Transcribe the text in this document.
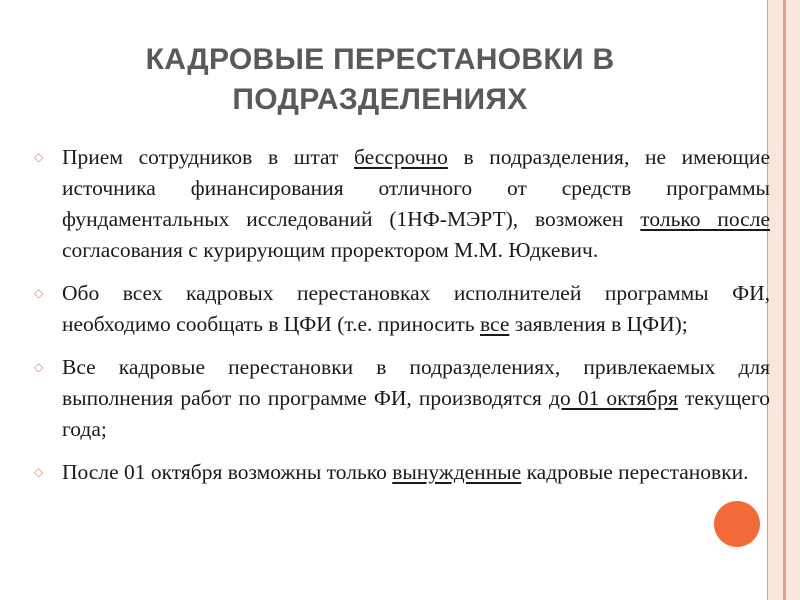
КАДРОВЫЕ ПЕРЕСТАНОВКИ В
ПОДРАЗДЕЛЕНИЯХ
◇ Прием сотрудников в штат бессрочно в подразделения, не имеющие источника финансирования отличного от средств программы фундаментальных исследований (1НФ-МЭРТ), возможен только после согласования с курирующим проректором М.М. Юдкевич.
◇ Обо всех кадровых перестановках исполнителей программы ФИ, необходимо сообщать в ЦФИ (т.е. приносить все заявления в ЦФИ);
◇ Все кадровые перестановки в подразделениях, привлекаемых для выполнения работ по программе ФИ, производятся до 01 октября текущего года;
◇ После 01 октября возможны только вынужденные кадровые перестановки.
